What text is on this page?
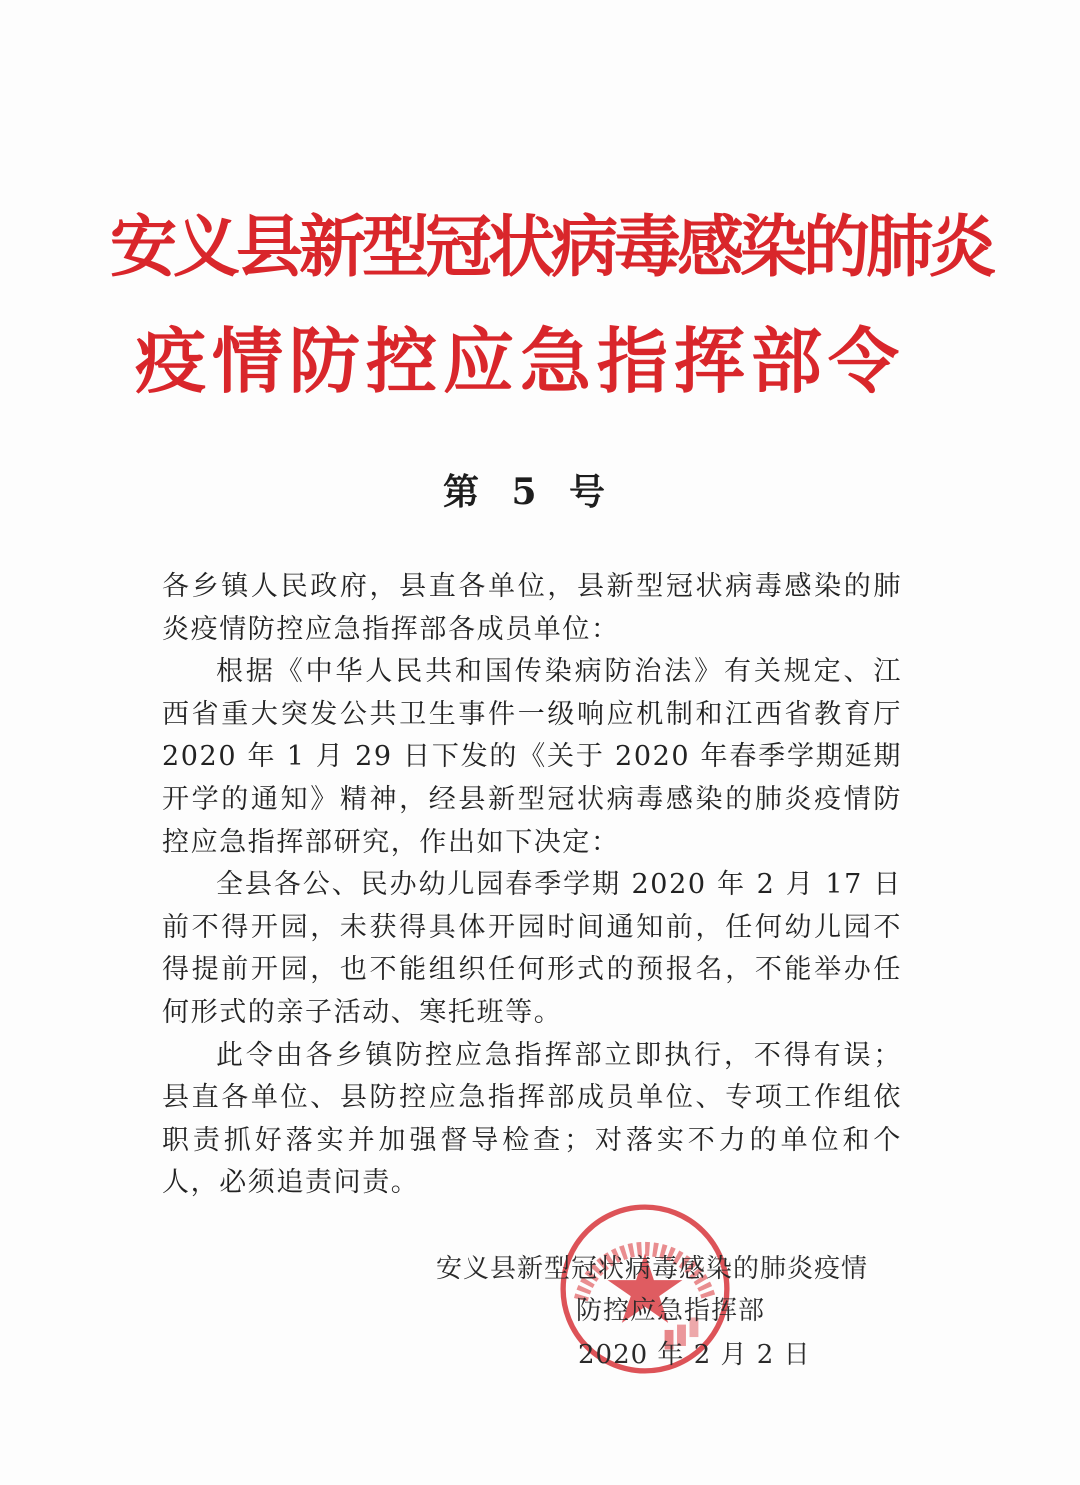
安义县新型冠状病毒感染的肺炎
疫情防控应急指挥部令
第 5 号

各乡镇人民政府，县直各单位，县新型冠状病毒感染的肺炎疫情防控应急指挥部各成员单位：

根据《中华人民共和国传染病防治法》有关规定、江西省重大突发公共卫生事件一级响应机制和江西省教育厅2020 年 1 月 29 日下发的《关于 2020 年春季学期延期开学的通知》精神，经县新型冠状病毒感染的肺炎疫情防控应急指挥部研究，作出如下决定：

全县各公、民办幼儿园春季学期 2020 年 2 月 17 日前不得开园，未获得具体开园时间通知前，任何幼儿园不得提前开园，也不能组织任何形式的预报名，不能举办任何形式的亲子活动、寒托班等。

此令由各乡镇防控应急指挥部立即执行，不得有误；县直各单位、县防控应急指挥部成员单位、专项工作组依职责抓好落实并加强督导检查；对落实不力的单位和个人，必须追责问责。

安义县新型冠状病毒感染的肺炎疫情
防控应急指挥部
2020 年 2 月 2 日
